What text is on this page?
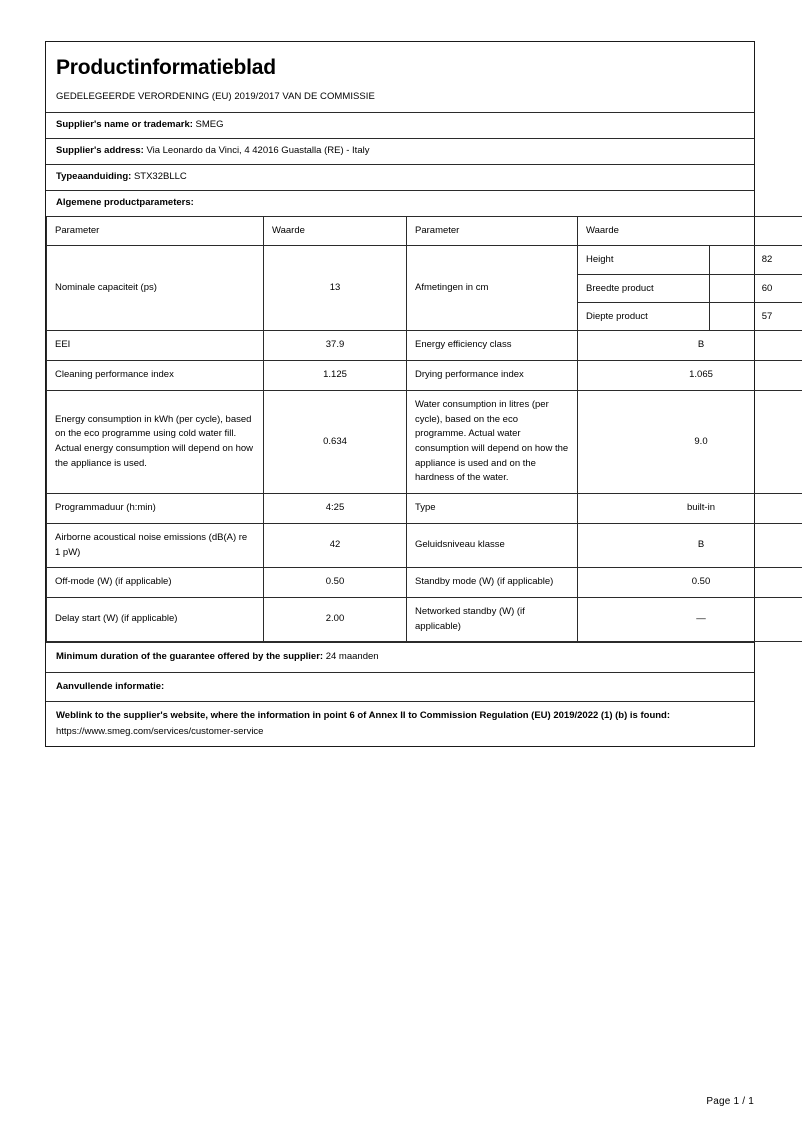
Productinformatieblad
GEDELEGEERDE VERORDENING (EU) 2019/2017 VAN DE COMMISSIE
Supplier's name or trademark: SMEG
Supplier's address: Via Leonardo da Vinci, 4 42016 Guastalla (RE) - Italy
Typeaanduiding: STX32BLLC
Algemene productparameters:
Parameter	Waarde	Parameter	Waarde
Nominale capaciteit (ps)	13	Afmetingen in cm	
Height	82
Breedte product	60
Diepte product	57

EEI	37.9	Energy efficiency class	B
Cleaning performance index	1.125	Drying performance index	1.065
Energy consumption in kWh (per cycle), based on the eco programme using cold water fill. Actual energy consumption will depend on how the appliance is used.	0.634	Water consumption in litres (per cycle), based on the eco programme. Actual water consumption will depend on how the appliance is used and on the hardness of the water.	9.0
Programmaduur (h:min)	4:25	Type	built-in
Airborne acoustical noise emissions (dB(A) re 1 pW)	42	Geluidsniveau klasse	B
Off-mode (W) (if applicable)	0.50	Standby mode (W) (if applicable)	0.50
Delay start (W) (if applicable)	2.00	Networked standby (W) (if applicable)	—
Minimum duration of the guarantee offered by the supplier: 24 maanden
Aanvullende informatie:
Weblink to the supplier's website, where the information in point 6 of Annex II to Commission Regulation (EU) 2019/2022 (1) (b) is found:
https://www.smeg.com/services/customer-service
Page 1 / 1
